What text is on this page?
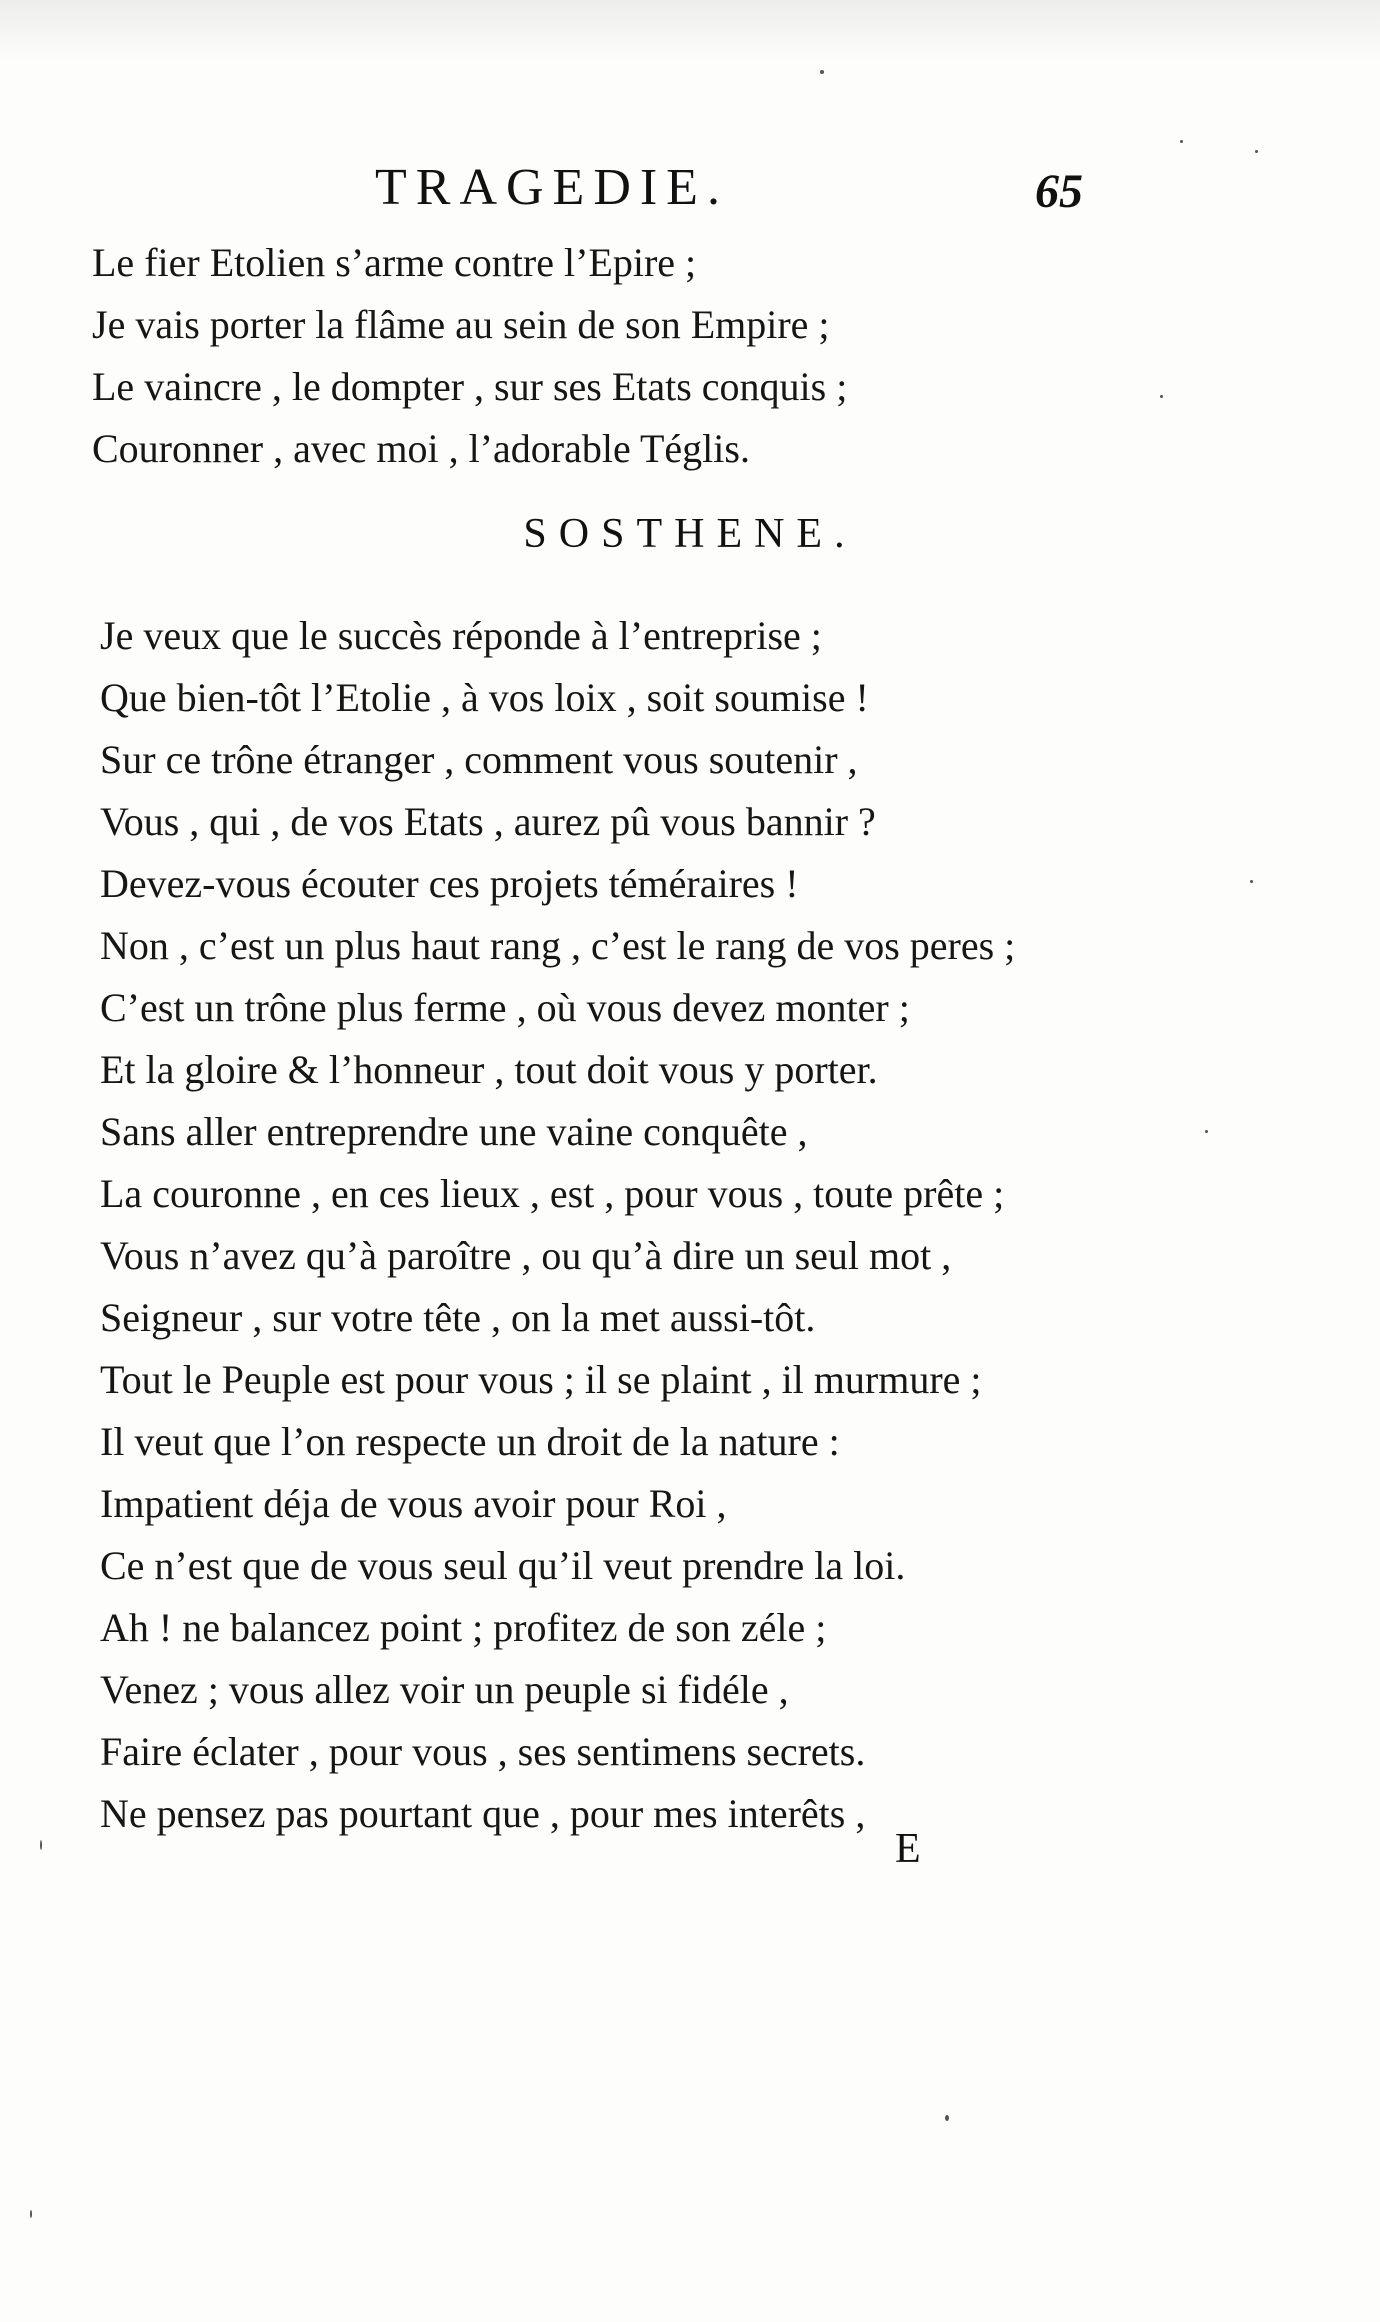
TRAGEDIE.	65
Le fier Etolien s’arme contre l’Epire ;
Je vais porter la flâme au sein de son Empire ;
Le vaincre , le dompter , sur ses Etats conquis ;
Couronner , avec moi , l’adorable Téglis.
SOSTHENE.
Je veux que le succès réponde à l’entreprise ;
Que bien-tôt l’Etolie , à vos loix , soit soumise !
Sur ce trône étranger , comment vous soutenir ,
Vous , qui , de vos Etats , aurez pû vous bannir ?
Devez-vous écouter ces projets téméraires !
Non , c’est un plus haut rang , c’est le rang de vos peres ;
C’est un trône plus ferme , où vous devez monter ;
Et la gloire & l’honneur , tout doit vous y porter.
Sans aller entreprendre une vaine conquête ,
La couronne , en ces lieux , est , pour vous , toute prête ;
Vous n’avez qu’à paroître , ou qu’à dire un seul mot ,
Seigneur , sur votre tête , on la met aussi-tôt.
Tout le Peuple est pour vous ; il se plaint , il murmure ;
Il veut que l’on respecte un droit de la nature :
Impatient déja de vous avoir pour Roi ,
Ce n’est que de vous seul qu’il veut prendre la loi.
Ah ! ne balancez point ; profitez de son zéle ;
Venez ; vous allez voir un peuple si fidéle ,
Faire éclater , pour vous , ses sentimens secrets.
Ne pensez pas pourtant que , pour mes interêts ,
E
